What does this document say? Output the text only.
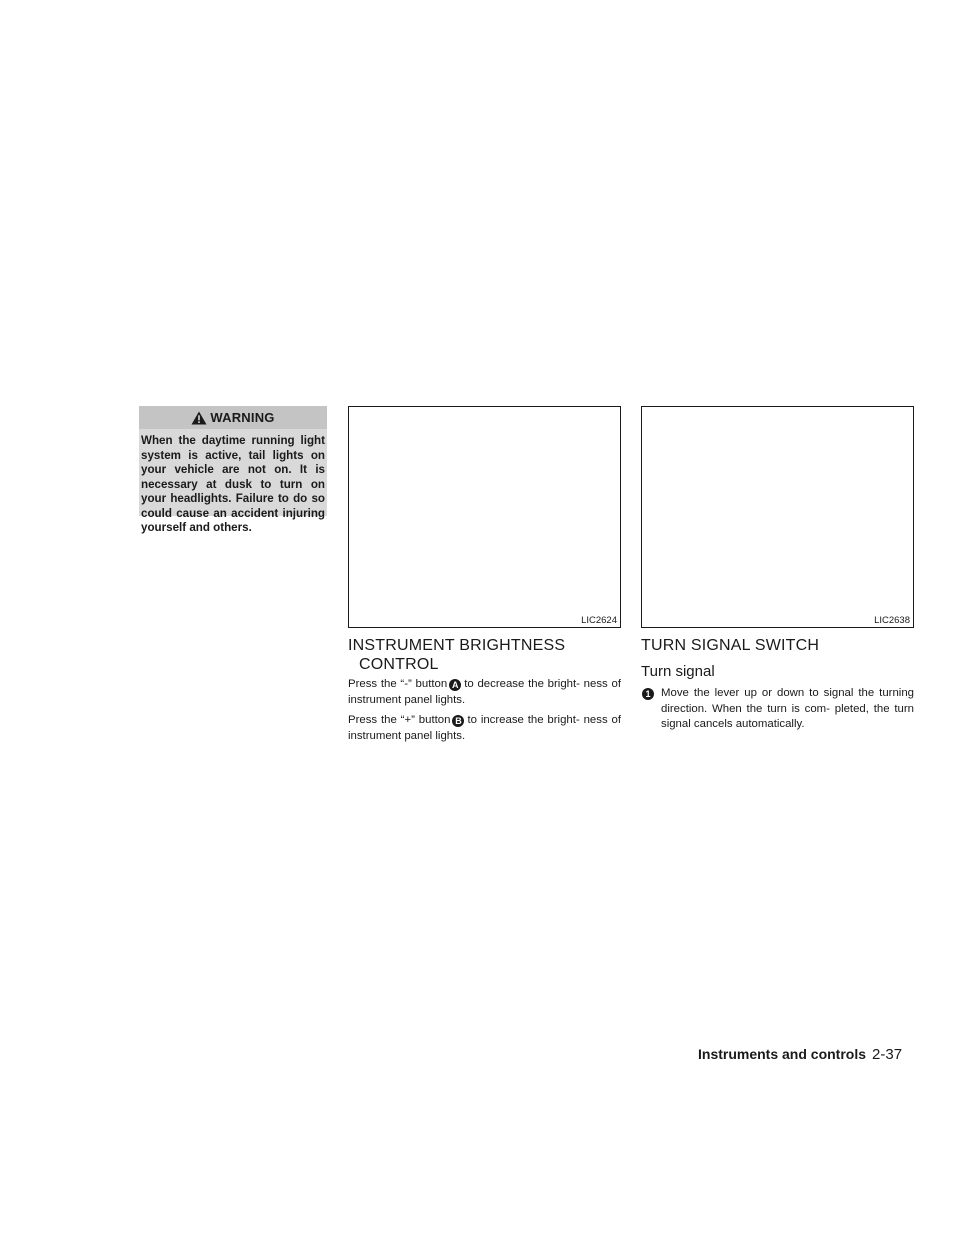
WARNING
When the daytime running light system is active, tail lights on your vehicle are not on. It is necessary at dusk to turn on your headlights. Failure to do so could cause an accident injuring yourself and others.
LIC2624	LIC2638
INSTRUMENT BRIGHTNESS
CONTROL

Press the “-” button A to decrease the bright- ness of instrument panel lights.

Press the “+” button B to increase the bright- ness of instrument panel lights.

TURN SIGNAL SWITCH
Turn signal
1 Move the lever up or down to signal the turning direction. When the turn is com- pleted, the turn signal cancels automatically.
Instruments and controls 2-37
